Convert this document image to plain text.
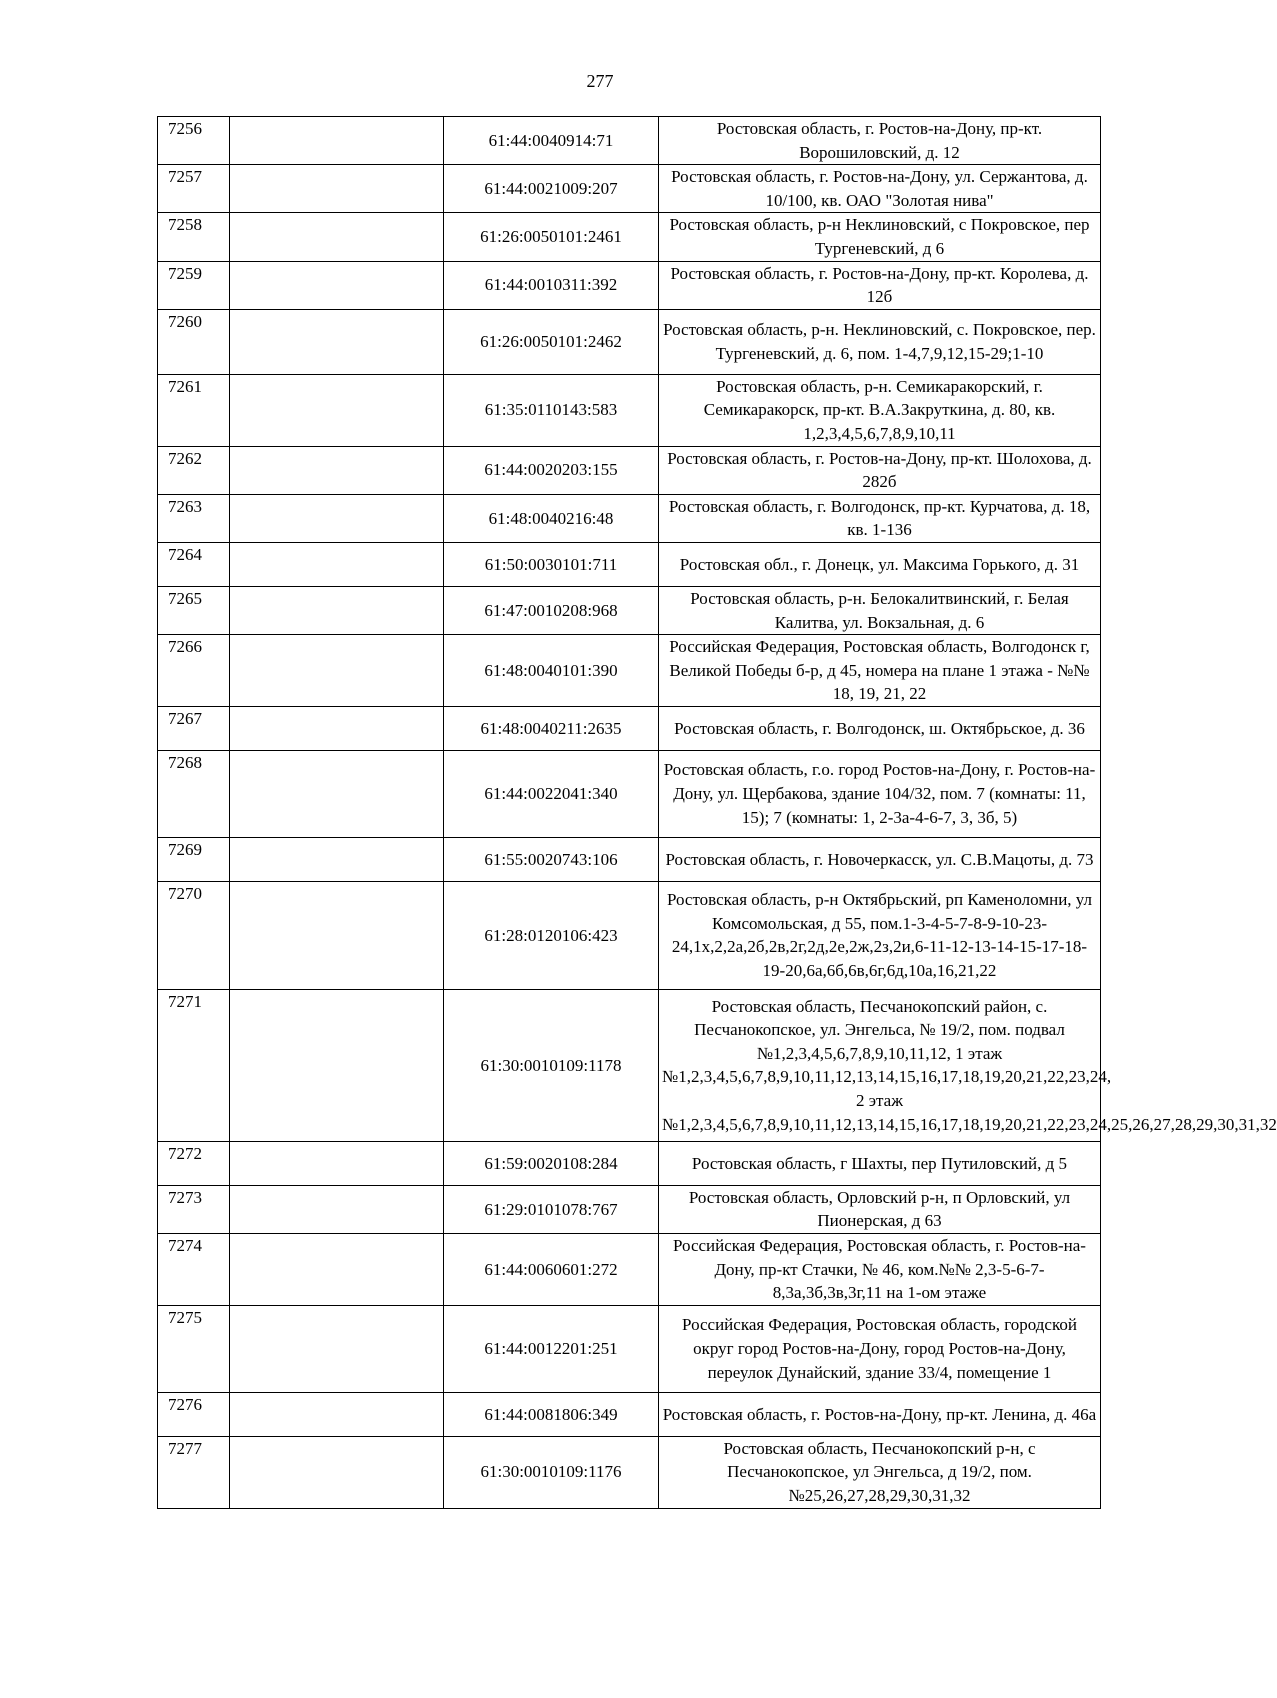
277
7256		61:44:0040914:71	Ростовская область, г. Ростов-на-Дону, пр-кт. Ворошиловский, д. 12
7257		61:44:0021009:207	Ростовская область, г. Ростов-на-Дону, ул. Сержантова, д. 10/100, кв. ОАО "Золотая нива"
7258		61:26:0050101:2461	Ростовская область, р-н Неклиновский, с Покровское, пер Тургеневский, д 6
7259		61:44:0010311:392	Ростовская область, г. Ростов-на-Дону, пр-кт. Королева, д. 12б
7260		61:26:0050101:2462	Ростовская область, р-н. Неклиновский, с. Покровское, пер. Тургеневский, д. 6, пом. 1-4,7,9,12,15-29;1-10
7261		61:35:0110143:583	Ростовская область, р-н. Семикаракорский, г. Семикаракорск, пр-кт. В.А.Закруткина, д. 80, кв. 1,2,3,4,5,6,7,8,9,10,11
7262		61:44:0020203:155	Ростовская область, г. Ростов-на-Дону, пр-кт. Шолохова, д. 282б
7263		61:48:0040216:48	Ростовская область, г. Волгодонск, пр-кт. Курчатова, д. 18, кв. 1-136
7264		61:50:0030101:711	Ростовская обл., г. Донецк, ул. Максима Горького, д. 31
7265		61:47:0010208:968	Ростовская область, р-н. Белокалитвинский, г. Белая Калитва, ул. Вокзальная, д. 6
7266		61:48:0040101:390	Российская Федерация, Ростовская область, Волгодонск г, Великой Победы б-р, д 45, номера на плане 1 этажа - №№ 18, 19, 21, 22
7267		61:48:0040211:2635	Ростовская область, г. Волгодонск, ш. Октябрьское, д. 36
7268		61:44:0022041:340	Ростовская область, г.о. город Ростов-на-Дону, г. Ростов-на-Дону, ул. Щербакова, здание 104/32, пом. 7 (комнаты: 11, 15); 7 (комнаты: 1, 2-3а-4-6-7, 3, 3б, 5)
7269		61:55:0020743:106	Ростовская область, г. Новочеркасск, ул. С.В.Мацоты, д. 73
7270		61:28:0120106:423	Ростовская область, р-н Октябрьский, рп Каменоломни, ул Комсомольская, д 55, пом.1-3-4-5-7-8-9-10-23-24,1х,2,2а,2б,2в,2г,2д,2е,2ж,2з,2и,6-11-12-13-14-15-17-18-19-20,6а,6б,6в,6г,6д,10а,16,21,22
7271		61:30:0010109:1178	Ростовская область, Песчанокопский район, с. Песчанокопское, ул. Энгельса, № 19/2, пом. подвал №1,2,3,4,5,6,7,8,9,10,11,12, 1 этаж №1,2,3,4,5,6,7,8,9,10,11,12,13,14,15,16,17,18,19,20,21,22,23,24, 2 этаж №1,2,3,4,5,6,7,8,9,10,11,12,13,14,15,16,17,18,19,20,21,22,23,24,25,26,27,28,29,30,31,32
7272		61:59:0020108:284	Ростовская область, г Шахты, пер Путиловский, д 5
7273		61:29:0101078:767	Ростовская область, Орловский р-н, п Орловский, ул Пионерская, д 63
7274		61:44:0060601:272	Российская Федерация, Ростовская область, г. Ростов-на-Дону, пр-кт Стачки, № 46, ком.№№ 2,3-5-6-7-8,3а,3б,3в,3г,11 на 1-ом этаже
7275		61:44:0012201:251	Российская Федерация, Ростовская область, городской округ город Ростов-на-Дону, город Ростов-на-Дону, переулок Дунайский, здание 33/4, помещение 1
7276		61:44:0081806:349	Ростовская область, г. Ростов-на-Дону, пр-кт. Ленина, д. 46а
7277		61:30:0010109:1176	Ростовская область, Песчанокопский р-н, с Песчанокопское, ул Энгельса, д 19/2, пом. №25,26,27,28,29,30,31,32
